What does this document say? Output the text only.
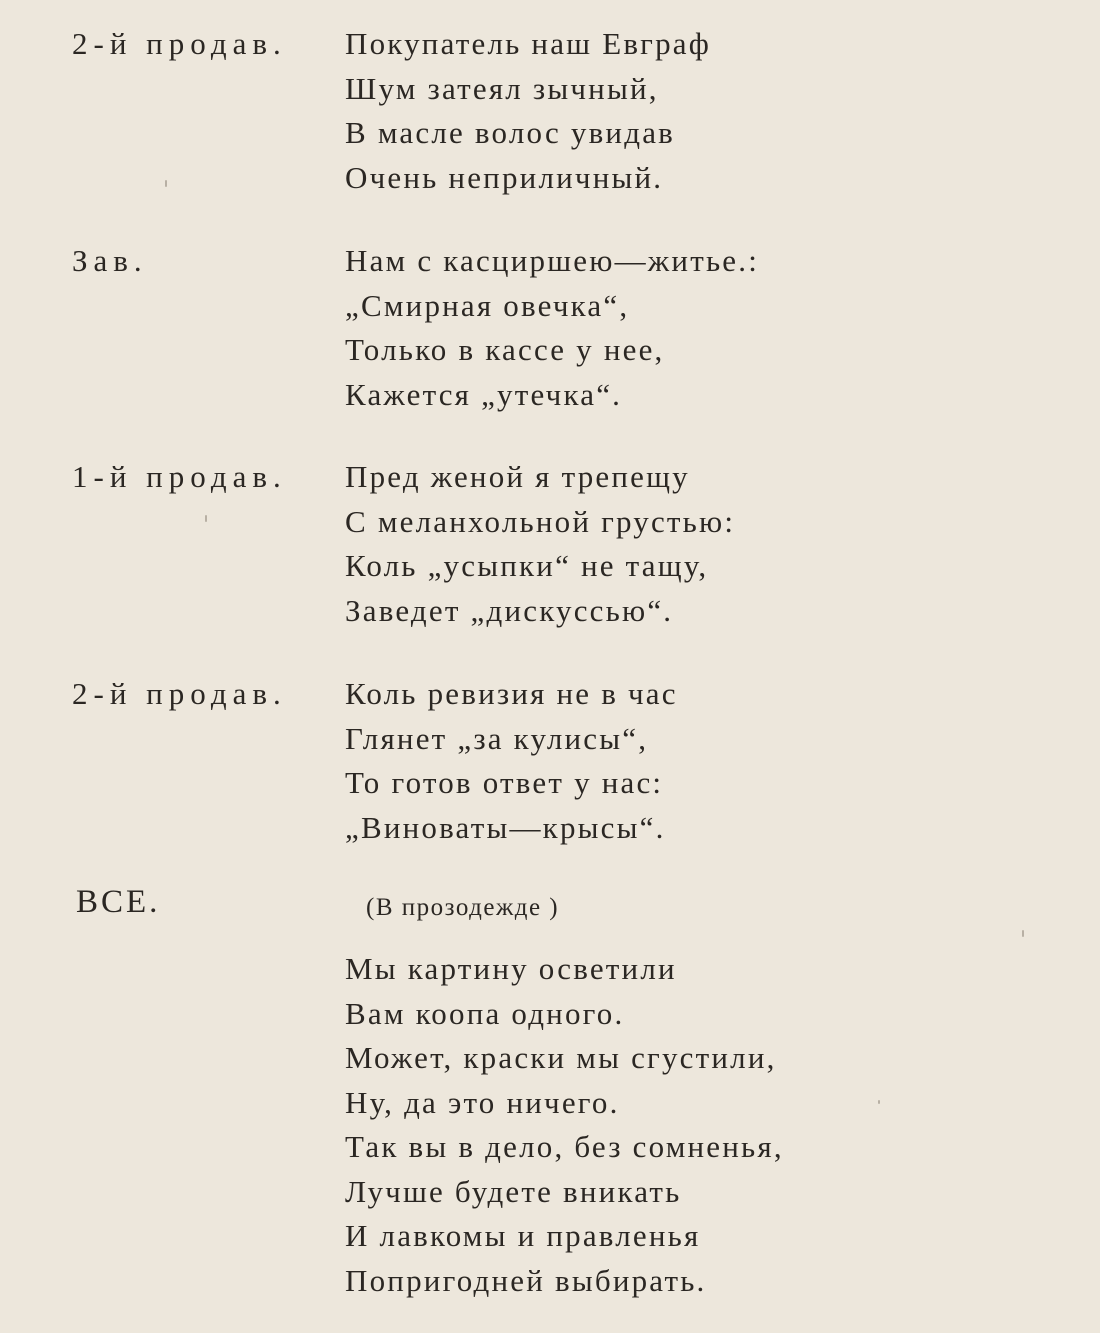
2-й продав. Покупатель наш Евграф
Шум затеял зычный,
В масле волос увидав
Очень неприличный.
Зав.	Нам с касциршею—житье.:
„Смирная овечка“,
Только в кассе у нее,
Кажется „утечка“.
1-й продав. Пред женой я трепещу
С меланхольной грустью:
Коль „усыпки“ не тащу,
Заведет „дискуссью“.
2-й продав. Коль ревизия не в час
Глянет „за кулисы“,
То готов ответ у нас:
„Виноваты—крысы“.
ВСЕ.	(В прозодежде )
Мы картину осветили
Вам коопа одного.
Может, краски мы сгустили,
Ну, да это ничего.
Так вы в дело, без сомненья,
Лучше будете вникать
И лавкомы и правленья
Попригодней выбирать.
